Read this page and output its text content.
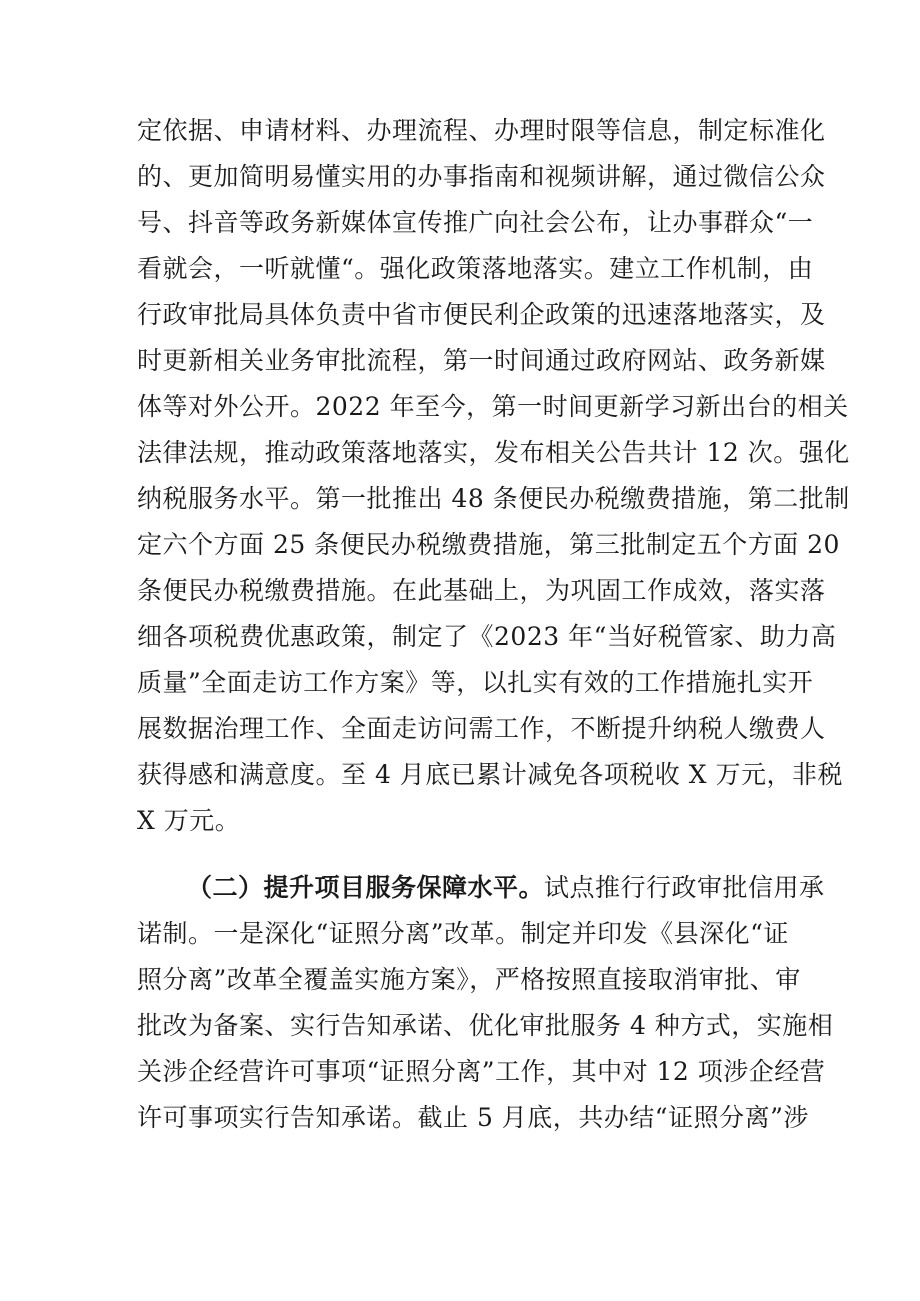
定依据、申请材料、办理流程、办理时限等信息，制定标准化
的、更加简明易懂实用的办事指南和视频讲解，通过微信公众
号、抖音等政务新媒体宣传推广向社会公布，让办事群众“一
看就会，一听就懂“。强化政策落地落实。建立工作机制，由
行政审批局具体负责中省市便民利企政策的迅速落地落实，及
时更新相关业务审批流程，第一时间通过政府网站、政务新媒
体等对外公开。2022 年至今，第一时间更新学习新出台的相关
法律法规，推动政策落地落实，发布相关公告共计 12 次。强化
纳税服务水平。第一批推出 48 条便民办税缴费措施，第二批制
定六个方面 25 条便民办税缴费措施，第三批制定五个方面 20
条便民办税缴费措施。在此基础上，为巩固工作成效，落实落
细各项税费优惠政策，制定了《2023 年“当好税管家、助力高
质量”全面走访工作方案》等，以扎实有效的工作措施扎实开
展数据治理工作、全面走访问需工作，不断提升纳税人缴费人
获得感和满意度。至 4 月底已累计减免各项税收 X 万元，非税
X 万元。
（二）提升项目服务保障水平。试点推行行政审批信用承
诺制。一是深化“证照分离”改革。制定并印发《县深化“证
照分离”改革全覆盖实施方案》，严格按照直接取消审批、审
批改为备案、实行告知承诺、优化审批服务 4 种方式，实施相
关涉企经营许可事项“证照分离”工作，其中对 12 项涉企经营
许可事项实行告知承诺。截止 5 月底，共办结“证照分离”涉
